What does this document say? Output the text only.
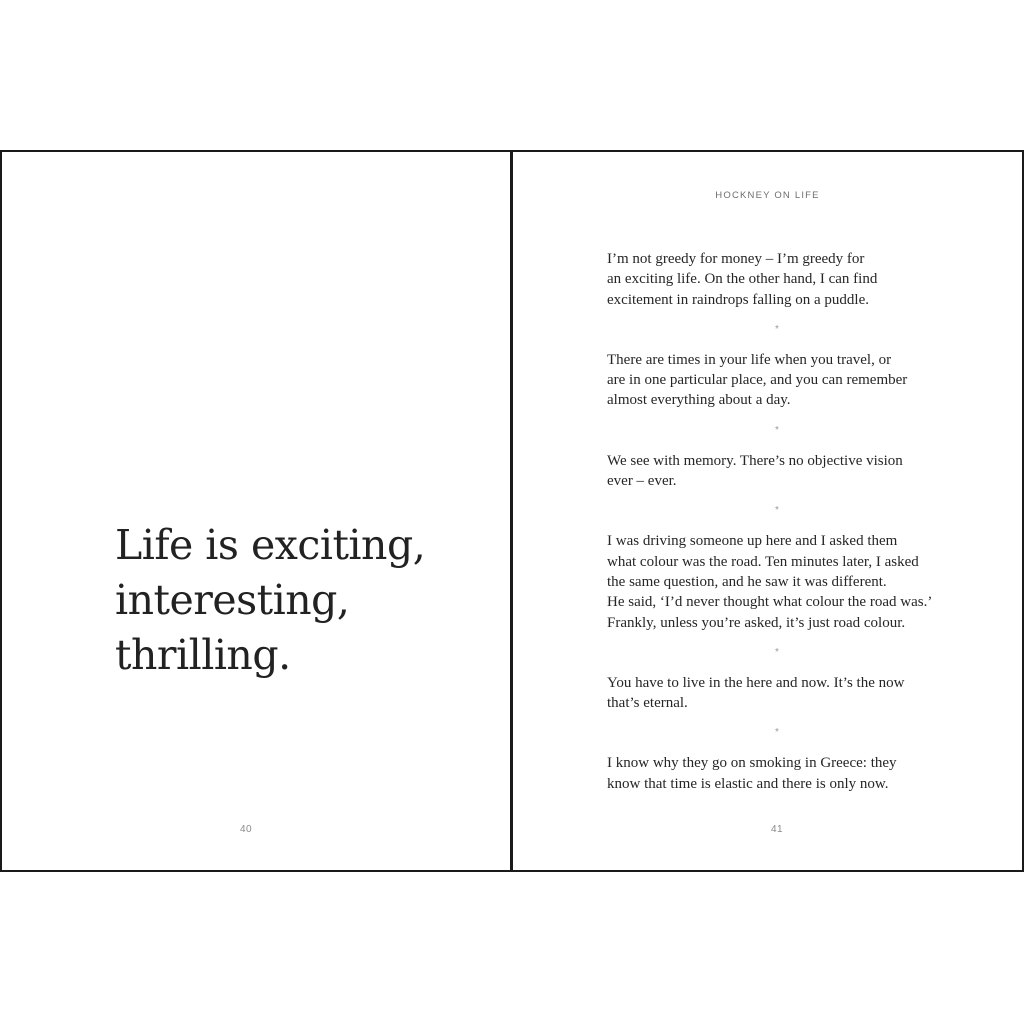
Life is exciting,
interesting,
thrilling.
40

HOCKNEY ON LIFE

I’m not greedy for money – I’m greedy for
an exciting life. On the other hand, I can find
excitement in raindrops falling on a puddle.

*

There are times in your life when you travel, or
are in one particular place, and you can remember
almost everything about a day.

*

We see with memory. There’s no objective vision
ever – ever.

*

I was driving someone up here and I asked them
what colour was the road. Ten minutes later, I asked
the same question, and he saw it was different.
He said, ‘I’d never thought what colour the road was.’
Frankly, unless you’re asked, it’s just road colour.

*

You have to live in the here and now. It’s the now
that’s eternal.

*

I know why they go on smoking in Greece: they
know that time is elastic and there is only now.

41
